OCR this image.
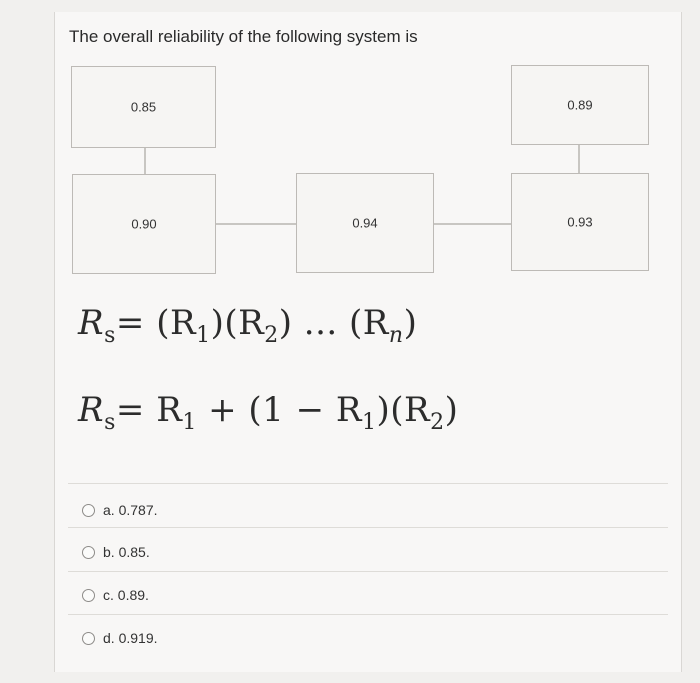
The overall reliability of the following system is
0.85	0.89
0.90	0.94	0.93
$R_s= (R_1)(R_2)$ ... $(R_n)$
$R_s= R_1 + (1 - R_1)(R_2)$
a. 0.787.
b. 0.85.
c. 0.89.
d. 0.919.
